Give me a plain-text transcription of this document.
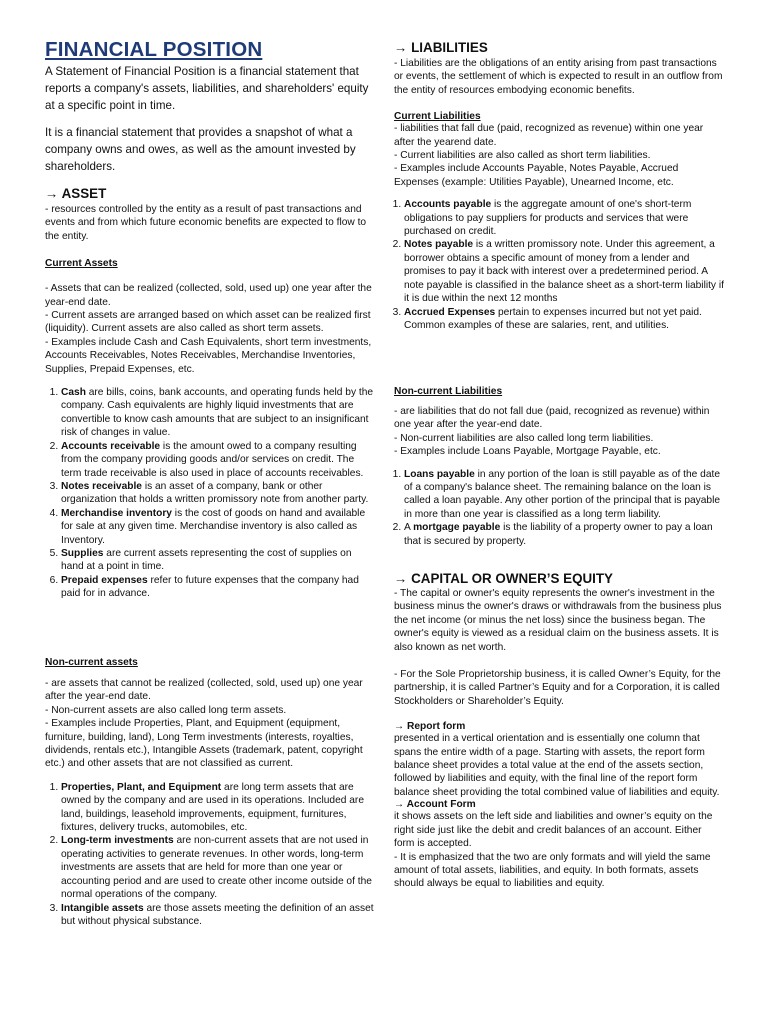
FINANCIAL POSITION

A Statement of Financial Position is a financial statement that reports a company's assets, liabilities, and shareholders' equity at a specific point in time.

It is a financial statement that provides a snapshot of what a company owns and owes, as well as the amount invested by shareholders.

→ ASSET

- resources controlled by the entity as a result of past transactions and events and from which future economic benefits are expected to flow to the entity.

Current Assets

- Assets that can be realized (collected, sold, used up) one year after the year-end date.

- Current assets are arranged based on which asset can be realized first (liquidity). Current assets are also called as short term assets.

- Examples include Cash and Cash Equivalents, short term investments, Accounts Receivables, Notes Receivables, Merchandise Inventories, Supplies, Prepaid Expenses, etc.

1. Cash are bills, coins, bank accounts, and operating funds held by the company. Cash equivalents are highly liquid investments that are convertible to know cash amounts that are subject to an insignificant risk of changes in value.
2. Accounts receivable is the amount owed to a company resulting from the company providing goods and/or services on credit. The term trade receivable is also used in place of accounts receivables.
3. Notes receivable is an asset of a company, bank or other organization that holds a written promissory note from another party.
4. Merchandise inventory is the cost of goods on hand and available for sale at any given time. Merchandise inventory is also called as Inventory.
5. Supplies are current assets representing the cost of supplies on hand at a point in time.
6. Prepaid expenses refer to future expenses that the company had paid for in advance.

Non-current assets

- are assets that cannot be realized (collected, sold, used up) one year after the year-end date.

- Non-current assets are also called long term assets.

- Examples include Properties, Plant, and Equipment (equipment, furniture, building, land), Long Term investments (interests, royalties, dividends, rentals etc.), Intangible Assets (trademark, patent, copyright etc.) and other assets that are not classified as current.

1. Properties, Plant, and Equipment are long term assets that are owned by the company and are used in its operations. Included are land, buildings, leasehold improvements, equipment, furnitures, fixtures, delivery trucks, automobiles, etc.
2. Long-term investments are non-current assets that are not used in operating activities to generate revenues. In other words, long-term investments are assets that are held for more than one year or accounting period and are used to create other income outside of the normal operations of the company.
3. Intangible assets are those assets meeting the definition of an asset but without physical substance.

→ LIABILITIES

- Liabilities are the obligations of an entity arising from past transactions or events, the settlement of which is expected to result in an outflow from the entity of resources embodying economic benefits.

Current Liabilities

- liabilities that fall due (paid, recognized as revenue) within one year after the yearend date.

- Current liabilities are also called as short term liabilities.

- Examples include Accounts Payable, Notes Payable, Accrued Expenses (example: Utilities Payable), Unearned Income, etc.

1. Accounts payable is the aggregate amount of one's short-term obligations to pay suppliers for products and services that were purchased on credit.
2. Notes payable is a written promissory note. Under this agreement, a borrower obtains a specific amount of money from a lender and promises to pay it back with interest over a predetermined period. A note payable is classified in the balance sheet as a short-term liability if it is due within the next 12 months
3. Accrued Expenses pertain to expenses incurred but not yet paid. Common examples of these are salaries, rent, and utilities.

Non-current Liabilities

- are liabilities that do not fall due (paid, recognized as revenue) within one year after the year-end date.

- Non-current liabilities are also called long term liabilities.

- Examples include Loans Payable, Mortgage Payable, etc.

1. Loans payable in any portion of the loan is still payable as of the date of a company's balance sheet. The remaining balance on the loan is called a loan payable. Any other portion of the principal that is payable in more than one year is classified as a long term liability.
2. A mortgage payable is the liability of a property owner to pay a loan that is secured by property.

→ CAPITAL OR OWNER’S EQUITY

- The capital or owner's equity represents the owner's investment in the business minus the owner's draws or withdrawals from the business plus the net income (or minus the net loss) since the business began. The owner's equity is viewed as a residual claim on the business assets. It is also known as net worth.

- For the Sole Proprietorship business, it is called Owner’s Equity, for the partnership, it is called Partner’s Equity and for a Corporation, it is called Stockholders or Shareholder’s Equity.

→ Report form

presented in a vertical orientation and is essentially one column that spans the entire width of a page. Starting with assets, the report form balance sheet provides a total value at the end of the assets section, followed by liabilities and equity, with the final line of the report form balance sheet providing the total combined value of liabilities and equity.

→ Account Form

it shows assets on the left side and liabilities and owner’s equity on the right side just like the debit and credit balances of an account. Either form is accepted.

- It is emphasized that the two are only formats and will yield the same amount of total assets, liabilities, and equity. In both formats, assets should always be equal to liabilities and equity.
